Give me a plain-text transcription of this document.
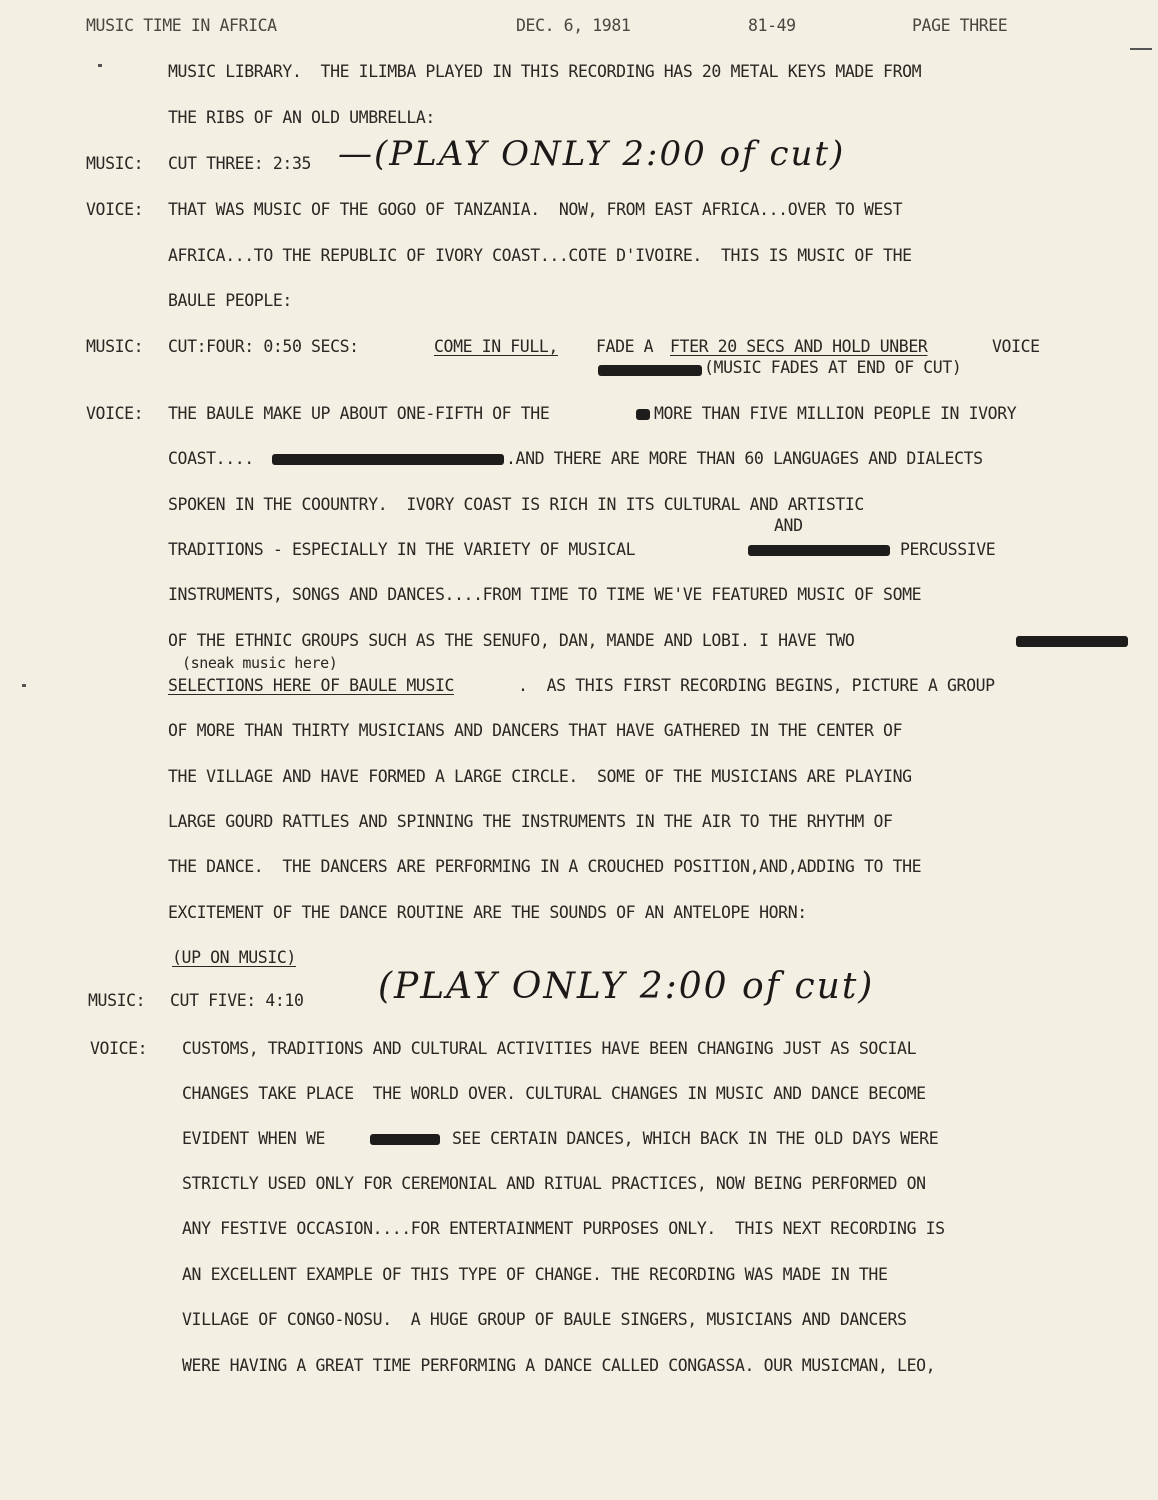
MUSIC TIME IN AFRICA	DEC. 6, 1981	81-49	PAGE THREE
MUSIC LIBRARY.  THE ILIMBA PLAYED IN THIS RECORDING HAS 20 METAL KEYS MADE FROM
THE RIBS OF AN OLD UMBRELLA:
MUSIC: CUT THREE: 2:35 —(PLAY ONLY 2:00 of cut)
VOICE: THAT WAS MUSIC OF THE GOGO OF TANZANIA.  NOW, FROM EAST AFRICA...OVER TO WEST
AFRICA...TO THE REPUBLIC OF IVORY COAST...COTE D'IVOIRE.  THIS IS MUSIC OF THE
BAULE PEOPLE:
MUSIC: CUT:FOUR: 0:50 SECS:	COME IN FULL, FADE A FTER 20 SECS AND HOLD UNBER	VOICE
(MUSIC FADES AT END OF CUT)
VOICE: THE BAULE MAKE UP ABOUT ONE-FIFTH OF THE	MORE THAN FIVE MILLION PEOPLE IN IVORY
COAST....	.AND THERE ARE MORE THAN 60 LANGUAGES AND DIALECTS
SPOKEN IN THE COOUNTRY.  IVORY COAST IS RICH IN ITS CULTURAL AND ARTISTIC
AND
TRADITIONS - ESPECIALLY IN THE VARIETY OF MUSICAL	PERCUSSIVE
INSTRUMENTS, SONGS AND DANCES....FROM TIME TO TIME WE'VE FEATURED MUSIC OF SOME
OF THE ETHNIC GROUPS SUCH AS THE SENUFO, DAN, MANDE AND LOBI. I HAVE TWO
(sneak music here)
SELECTIONS HERE OF BAULE MUSIC	.  AS THIS FIRST RECORDING BEGINS, PICTURE A GROUP
OF MORE THAN THIRTY MUSICIANS AND DANCERS THAT HAVE GATHERED IN THE CENTER OF
THE VILLAGE AND HAVE FORMED A LARGE CIRCLE.  SOME OF THE MUSICIANS ARE PLAYING
LARGE GOURD RATTLES AND SPINNING THE INSTRUMENTS IN THE AIR TO THE RHYTHM OF
THE DANCE.  THE DANCERS ARE PERFORMING IN A CROUCHED POSITION,AND,ADDING TO THE
EXCITEMENT OF THE DANCE ROUTINE ARE THE SOUNDS OF AN ANTELOPE HORN:
(UP ON MUSIC)
MUSIC: CUT FIVE: 4:10 (PLAY ONLY 2:00 of cut)
VOICE: CUSTOMS, TRADITIONS AND CULTURAL ACTIVITIES HAVE BEEN CHANGING JUST AS SOCIAL
CHANGES TAKE PLACE  THE WORLD OVER. CULTURAL CHANGES IN MUSIC AND DANCE BECOME
EVIDENT WHEN WE	SEE CERTAIN DANCES, WHICH BACK IN THE OLD DAYS WERE
STRICTLY USED ONLY FOR CEREMONIAL AND RITUAL PRACTICES, NOW BEING PERFORMED ON
ANY FESTIVE OCCASION....FOR ENTERTAINMENT PURPOSES ONLY.  THIS NEXT RECORDING IS
AN EXCELLENT EXAMPLE OF THIS TYPE OF CHANGE. THE RECORDING WAS MADE IN THE
VILLAGE OF CONGO-NOSU.  A HUGE GROUP OF BAULE SINGERS, MUSICIANS AND DANCERS
WERE HAVING A GREAT TIME PERFORMING A DANCE CALLED CONGASSA. OUR MUSICMAN, LEO,
